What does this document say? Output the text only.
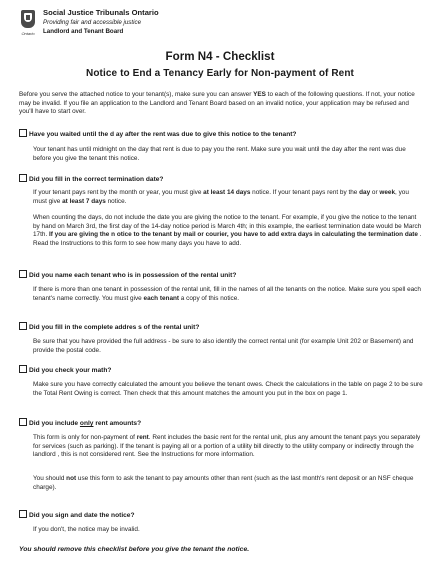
Ontario
Social Justice Tribunals Ontario
Providing fair and accessible justice
Landlord and Tenant Board
Form N4 - Checklist
Notice to End a Tenancy Early for Non-payment of Rent
Before you serve the attached notice to your tenant(s), make sure you can answer YES to each of the following questions. If not, your notice may be invalid. If you file an application to the Landlord and Tenant Board based on an invalid notice, your application may be refused and you'll have to start over.
Have you waited until the d ay after the rent was due to give this notice to the tenant?
Your tenant has until midnight on the day that rent is due to pay you the rent. Make sure you wait until the day after the rent was due before you give the tenant this notice.
Did you fill in the correct termination date?
If your tenant pays rent by the month or year, you must give at least 14 days notice. If your tenant pays rent by the day or week, you must give at least 7 days notice.
When counting the days, do not include the date you are giving the notice to the tenant. For example, if you give the notice to the tenant by hand on March 3rd, the first day of the 14-day notice period is March 4th; in this example, the earliest termination date would be March 17th. If you are giving the n otice to the tenant by mail or courier, you have to add extra days in calculating the termination date . Read the Instructions to this form to see how many days you have to add.
Did you name each tenant who is in possession of the rental unit?
If there is more than one tenant in possession of the rental unit, fill in the names of all the tenants on the notice. Make sure you spell each tenant's name correctly. You must give each tenant a copy of this notice.
Did you fill in the complete addres s of the rental unit?
Be sure that you have provided the full address - be sure to also identify the correct rental unit (for example Unit 202 or Basement) and provide the postal code.
Did you check your math?
Make sure you have correctly calculated the amount you believe the tenant owes. Check the calculations in the table on page 2 to be sure the Total Rent Owing is correct. Then check that this amount matches the amount you put in the box on page 1.
Did you include only rent amounts?
This form is only for non-payment of rent. Rent includes the basic rent for the rental unit, plus any amount the tenant pays you separately for services (such as parking). If the tenant is paying all or a portion of a utility bill directly to the utility company or indirectly through the landlord , this is not considered rent. See the Instructions for more information.
You should not use this form to ask the tenant to pay amounts other than rent (such as the last month's rent deposit or an NSF cheque charge).
Did you sign and date the notice?
If you don't, the notice may be invalid.
You should remove this checklist before you give the tenant the notice.
